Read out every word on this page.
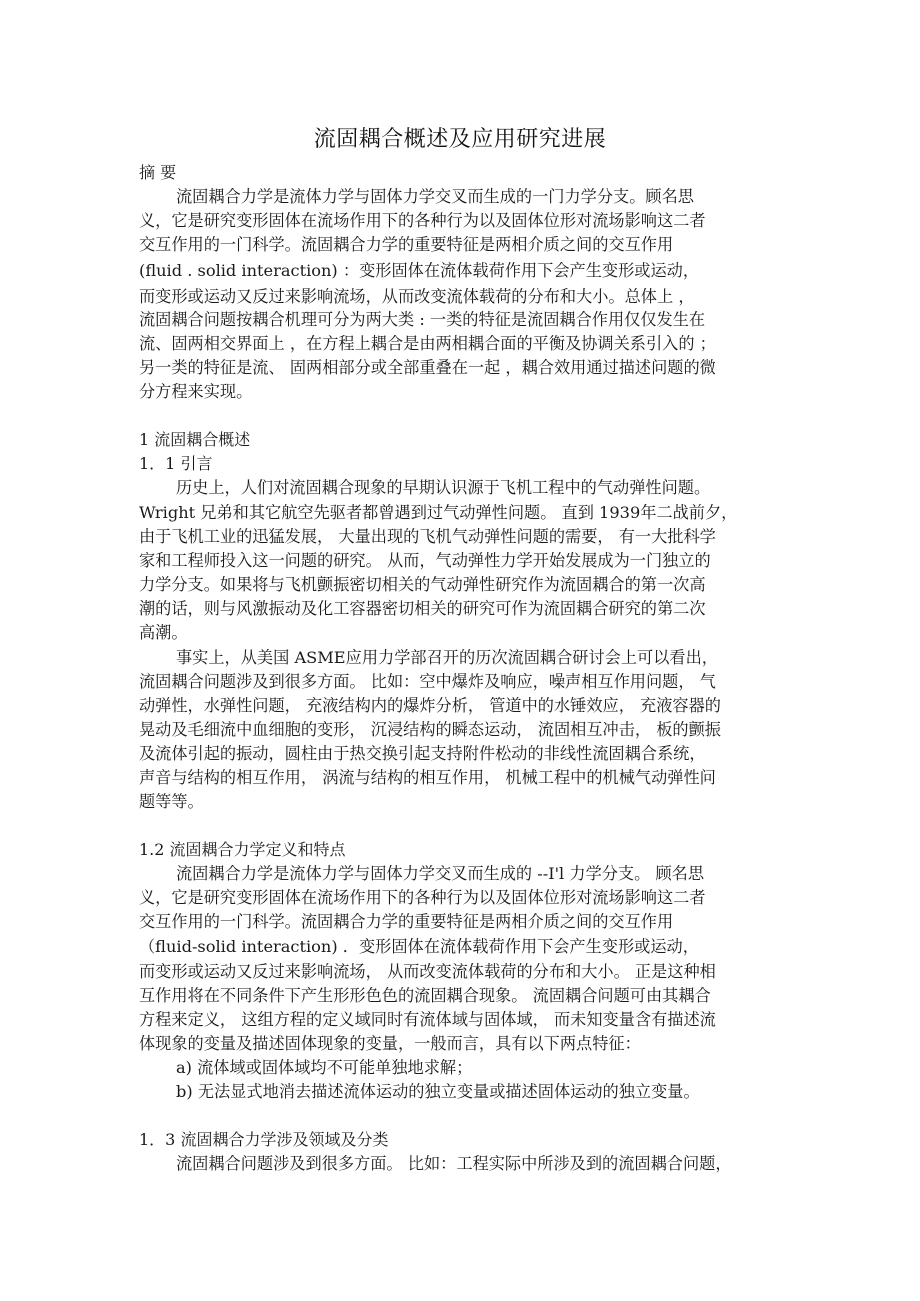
流固耦合概述及应用研究进展
摘 要
流固耦合力学是流体力学与固体力学交叉而生成的一门力学分支。顾名思
义，它是研究变形固体在流场作用下的各种行为以及固体位形对流场影响这二者
交互作用的一门科学。流固耦合力学的重要特征是两相介质之间的交互作用
(fluid . solid interaction) ：变形固体在流体载荷作用下会产生变形或运动，
而变形或运动又反过来影响流场，从而改变流体载荷的分布和大小。总体上 ，
流固耦合问题按耦合机理可分为两大类 : 一类的特征是流固耦合作用仅仅发生在
流、固两相交界面上 ，在方程上耦合是由两相耦合面的平衡及协调关系引入的 ；
另一类的特征是流、 固两相部分或全部重叠在一起 ，耦合效用通过描述问题的微
分方程来实现。
1 流固耦合概述
1．1 引言
历史上，人们对流固耦合现象的早期认识源于飞机工程中的气动弹性问题。
Wright 兄弟和其它航空先驱者都曾遇到过气动弹性问题。 直到 1939年二战前夕，
由于飞机工业的迅猛发展， 大量出现的飞机气动弹性问题的需要， 有一大批科学
家和工程师投入这一问题的研究。 从而，气动弹性力学开始发展成为一门独立的
力学分支。如果将与飞机颤振密切相关的气动弹性研究作为流固耦合的第一次高
潮的话，则与风激振动及化工容器密切相关的研究可作为流固耦合研究的第二次
高潮。
事实上，从美国 ASME应用力学部召开的历次流固耦合研讨会上可以看出，
流固耦合问题涉及到很多方面。 比如：空中爆炸及响应，噪声相互作用问题， 气
动弹性，水弹性问题， 充液结构内的爆炸分析， 管道中的水锤效应， 充液容器的
晃动及毛细流中血细胞的变形， 沉浸结构的瞬态运动， 流固相互冲击， 板的颤振
及流体引起的振动，圆柱由于热交换引起支持附件松动的非线性流固耦合系统，
声音与结构的相互作用， 涡流与结构的相互作用， 机械工程中的机械气动弹性问
题等等。
1.2 流固耦合力学定义和特点
流固耦合力学是流体力学与固体力学交叉而生成的 --I'l 力学分支。 顾名思
义，它是研究变形固体在流场作用下的各种行为以及固体位形对流场影响这二者
交互作用的一门科学。流固耦合力学的重要特征是两相介质之间的交互作用
（fluid-solid interaction) ．变形固体在流体载荷作用下会产生变形或运动，
而变形或运动又反过来影响流场， 从而改变流体载荷的分布和大小。 正是这种相
互作用将在不同条件下产生形形色色的流固耦合现象。 流固耦合问题可由其耦合
方程来定义， 这组方程的定义域同时有流体域与固体域， 而未知变量含有描述流
体现象的变量及描述固体现象的变量，一般而言，具有以下两点特征：
a) 流体域或固体域均不可能单独地求解；
b) 无法显式地消去描述流体运动的独立变量或描述固体运动的独立变量。
1．3 流固耦合力学涉及领域及分类
流固耦合问题涉及到很多方面。 比如：工程实际中所涉及到的流固耦合问题，
